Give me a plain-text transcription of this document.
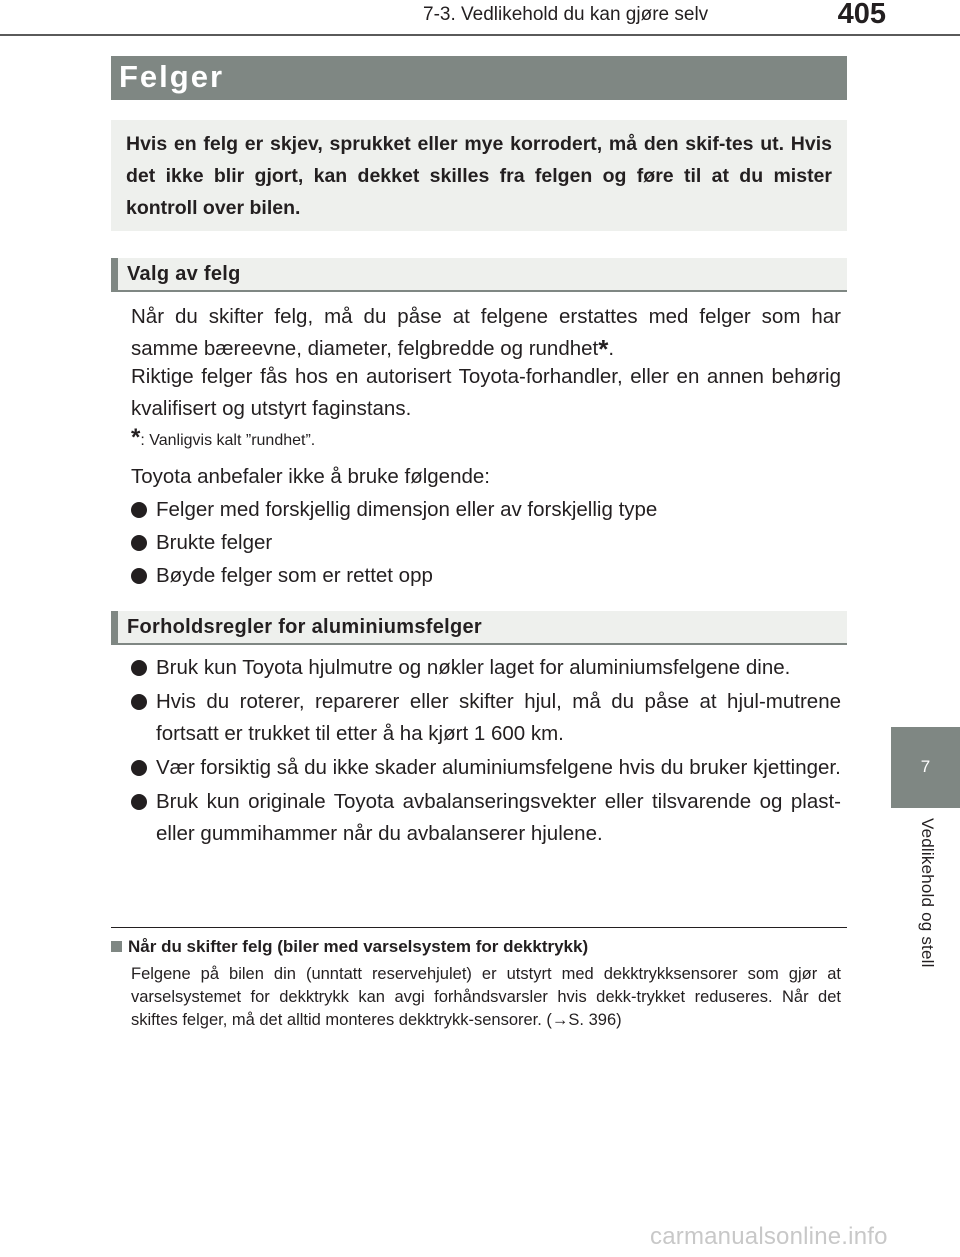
7-3. Vedlikehold du kan gjøre selv	405
7
Vedlikehold og stell
Felger
Hvis en felg er skjev, sprukket eller mye korrodert, må den skif-tes ut. Hvis det ikke blir gjort, kan dekket skilles fra felgen og føre til at du mister kontroll over bilen.
Valg av felg
Når du skifter felg, må du påse at felgene erstattes med felger som har samme bæreevne, diameter, felgbredde og rundhet*.
Riktige felger fås hos en autorisert Toyota-forhandler, eller en annen behørig kvalifisert og utstyrt faginstans.
*: Vanligvis kalt ”rundhet”.
Toyota anbefaler ikke å bruke følgende:
Felger med forskjellig dimensjon eller av forskjellig type
Brukte felger
Bøyde felger som er rettet opp
Forholdsregler for aluminiumsfelger
Bruk kun Toyota hjulmutre og nøkler laget for aluminiumsfelgene dine.
Hvis du roterer, reparerer eller skifter hjul, må du påse at hjul-mutrene fortsatt er trukket til etter å ha kjørt 1 600 km.
Vær forsiktig så du ikke skader aluminiumsfelgene hvis du bruker kjettinger.
Bruk kun originale Toyota avbalanseringsvekter eller tilsvarende og plast- eller gummihammer når du avbalanserer hjulene.
Når du skifter felg (biler med varselsystem for dekktrykk)
Felgene på bilen din (unntatt reservehjulet) er utstyrt med dekktrykksensorer som gjør at varselsystemet for dekktrykk kan avgi forhåndsvarsler hvis dekk-trykket reduseres. Når det skiftes felger, må det alltid monteres dekktrykk-sensorer. (→S. 396)
carmanualsonline.info
